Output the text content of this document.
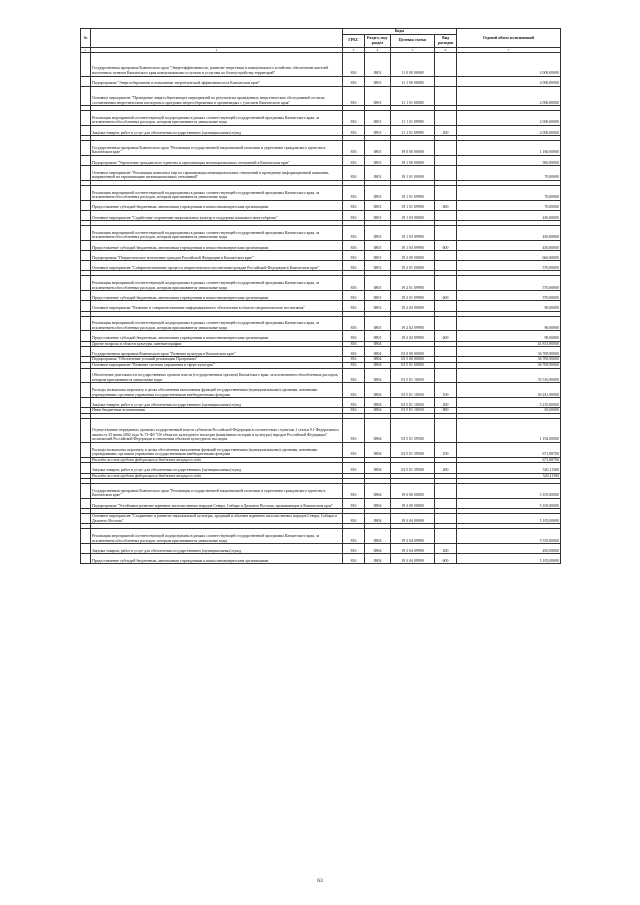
№		Коды				Годовой объем ассигнований
		ГРБС	Раздел, под-раздел	Целевая статья	Вид расходов	
1	2	3	4	5	6	7
	Государственная программа Камчатского края "Энергоэффективность, развитие энергетики и коммунального хозяйства, обеспечение жителей населенных пунктов Камчатского края коммунальными услугами и услугами по благоустройству территорий"	816	0801	11 0 00 00000		2 000,00000
	Подпрограмма "Энергосбережение и повышение энергетической эффективности в Камчатском крае"	816	0801	11 1 00 00000		2 000,00000
	Основное мероприятие "Проведение энергосберегающих мероприятий по результатам проведенных энергетических обследований согласно составленным энергетическим паспортам и программ энергосбережения в организациях с участием Камчатского края"	816	0801	11 1 01 00000		2 000,00000

	Реализация мероприятий соответствующей подпрограммы в рамках соответствующей государственной программы Камчатского края, за исключением обособленных расходов, которым присваиваются уникальные коды	816	0801	11 1 01 09990		2 000,00000
	Закупка товаров, работ и услуг для обеспечения государственных (муниципальных) нужд	816	0801	11 1 01 09990	200	2 000,00000

	Государственная программа Камчатского края "Реализация государственной национальной политики и укрепление гражданского единства в Камчатском крае"	816	0801	19 0 00 00000		1 160,00000
	Подпрограмма "Укрепление гражданского единства и гармонизация межнациональных отношений в Камчатском крае"	816	0801	19 1 00 00000		500,00000
	Основное мероприятие "Реализация комплекса мер по гармонизации межнациональных отношений и проведение информационной кампании, направленной на гармонизацию межнациональных отношений"	816	0801	19 1 01 00000		70,00000

	Реализация мероприятий соответствующей подпрограммы в рамках соответствующей государственной программы Камчатского края, за исключением обособленных расходов, которым присваиваются уникальные коды	816	0801	19 1 01 09990		70,00000
	Предоставление субсидий бюджетным, автономным учреждениям и иным некоммерческим организациям	816	0801	19 1 01 09990	600	70,00000
	Основное мероприятие "Содействие сохранению национальных культур и поддержка языкового многообразия"	816	0801	19 1 03 00000		430,00000

	Реализация мероприятий соответствующей подпрограммы в рамках соответствующей государственной программы Камчатского края, за исключением обособленных расходов, которым присваиваются уникальные коды	816	0801	19 1 03 09990		430,00000
	Предоставление субсидий бюджетным, автономным учреждениям и иным некоммерческим организациям	816	0801	19 1 03 09990	600	430,00000
	Подпрограмма "Патриотическое воспитание граждан Российской Федерации в Камчатском крае"	816	0801	19 2 00 00000		660,00000
	Основное мероприятие "Совершенствование процесса патриотического воспитания граждан Российской Федерации в Камчатском крае"	816	0801	19 2 01 00000		570,00000

	Реализация мероприятий соответствующей подпрограммы в рамках соответствующей государственной программы Камчатского края, за исключением обособленных расходов, которым присваиваются уникальные коды	816	0801	19 2 01 09990		570,00000
	Предоставление субсидий бюджетным, автономным учреждениям и иным некоммерческим организациям	816	0801	19 2 01 09990	600	570,00000
	Основное мероприятие "Развитие и совершенствование информационного обеспечения в области патриотического воспитания"	816	0801	19 2 02 00000		90,00000

	Реализация мероприятий соответствующей подпрограммы в рамках соответствующей государственной программы Камчатского края, за исключением обособленных расходов, которым присваиваются уникальные коды	816	0801	19 2 02 09990		90,00000
	Предоставление субсидий бюджетным, автономным учреждениям и иным некоммерческим организациям	816	0801	19 2 02 09990	600	90,00000
	Другие вопросы в области культуры, кинематографии	816	0804			41 813,90000
	Государственная программа Камчатского края "Развитие культуры в Камчатском крае"	816	0804	03 0 00 00000		36 708,90000
	Подпрограмма "Обеспечение условий реализации Программы"	816	0804	03 5 00 00000		36 708,90000
	Основное мероприятие "Развитие системы управления в сфере культуры"	816	0804	03 5 01 00000		36 708,90000
	Обеспечение деятельности государственных органов власти (государственных органов) Камчатского края, за исключением обособленных расходов, которым присваиваются уникальные коды	816	0804	03 5 01 10030		35 516,90000
	Расходы на выплаты персоналу в целях обеспечения выполнения функций государственными (муниципальными) органами, казенными учреждениями, органами управления государственными внебюджетными фондами	816	0804	03 5 01 10030	100	30 241,90000
	Закупка товаров, работ и услуг для обеспечения государственных (муниципальных) нужд	816	0804	03 5 01 10030	200	5 210,00000
	Иные бюджетные ассигнования	816	0804	03 5 01 10030	800	65,00000

	Осуществление переданных органам государственной власти субъектов Российской Федерации в соответствии с пунктом 1 статьи 9.1 Федерального закона от 25 июня 2002 года № 73-ФЗ "Об объектах культурного наследия (памятниках истории и культуры) народов Российской Федерации" полномочий Российской Федерации в отношении объектов культурного наследия	816	0804	03 5 01 59500		1 192,00000
	Расходы на выплаты персоналу в целях обеспечения выполнения функций государственными (муниципальными) органами, казенными учреждениями, органами управления государственными внебюджетными фондами	816	0804	03 5 01 59500	100	671,88700
	Расходы за счет средств федерального бюджета текущего года					671,88700
	Закупка товаров, работ и услуг для обеспечения государственных (муниципальных) нужд	816	0804	03 5 01 59500	200	520,11300
	Расходы за счет средств федерального бюджета текущего года					520,11300

	Государственная программа Камчатского края "Реализация государственной национальной политики и укрепление гражданского единства в Камчатском крае"	816	0804	19 0 00 00000		5 105,00000
	Подпрограмма "Устойчивое развитие коренных малочисленных народов Севера, Сибири и Дальнего Востока, проживающих в Камчатском крае"	816	0804	19 3 00 00000		5 105,00000

	Основное мероприятие "Сохранение и развитие национальной культуры, традиций и обычаев коренных малочисленных народов Севера, Сибири и Дальнего Востока"	816	0804	19 3 04 00000		5 105,00000

	Реализация мероприятий соответствующей подпрограммы в рамках соответствующей государственной программы Камчатского края, за исключением обособленных расходов, которым присваиваются уникальные коды	816	0804	19 3 04 09990		5 555,00000
	Закупка товаров, работ и услуг для обеспечения государственных (муниципальных) нужд	816	0804	19 3 04 09990	200	450,00000
	Предоставление субсидий бюджетным, автономным учреждениям и иным некоммерческим организациям	816	0804	19 3 04 09990	600	5 105,00000
63
